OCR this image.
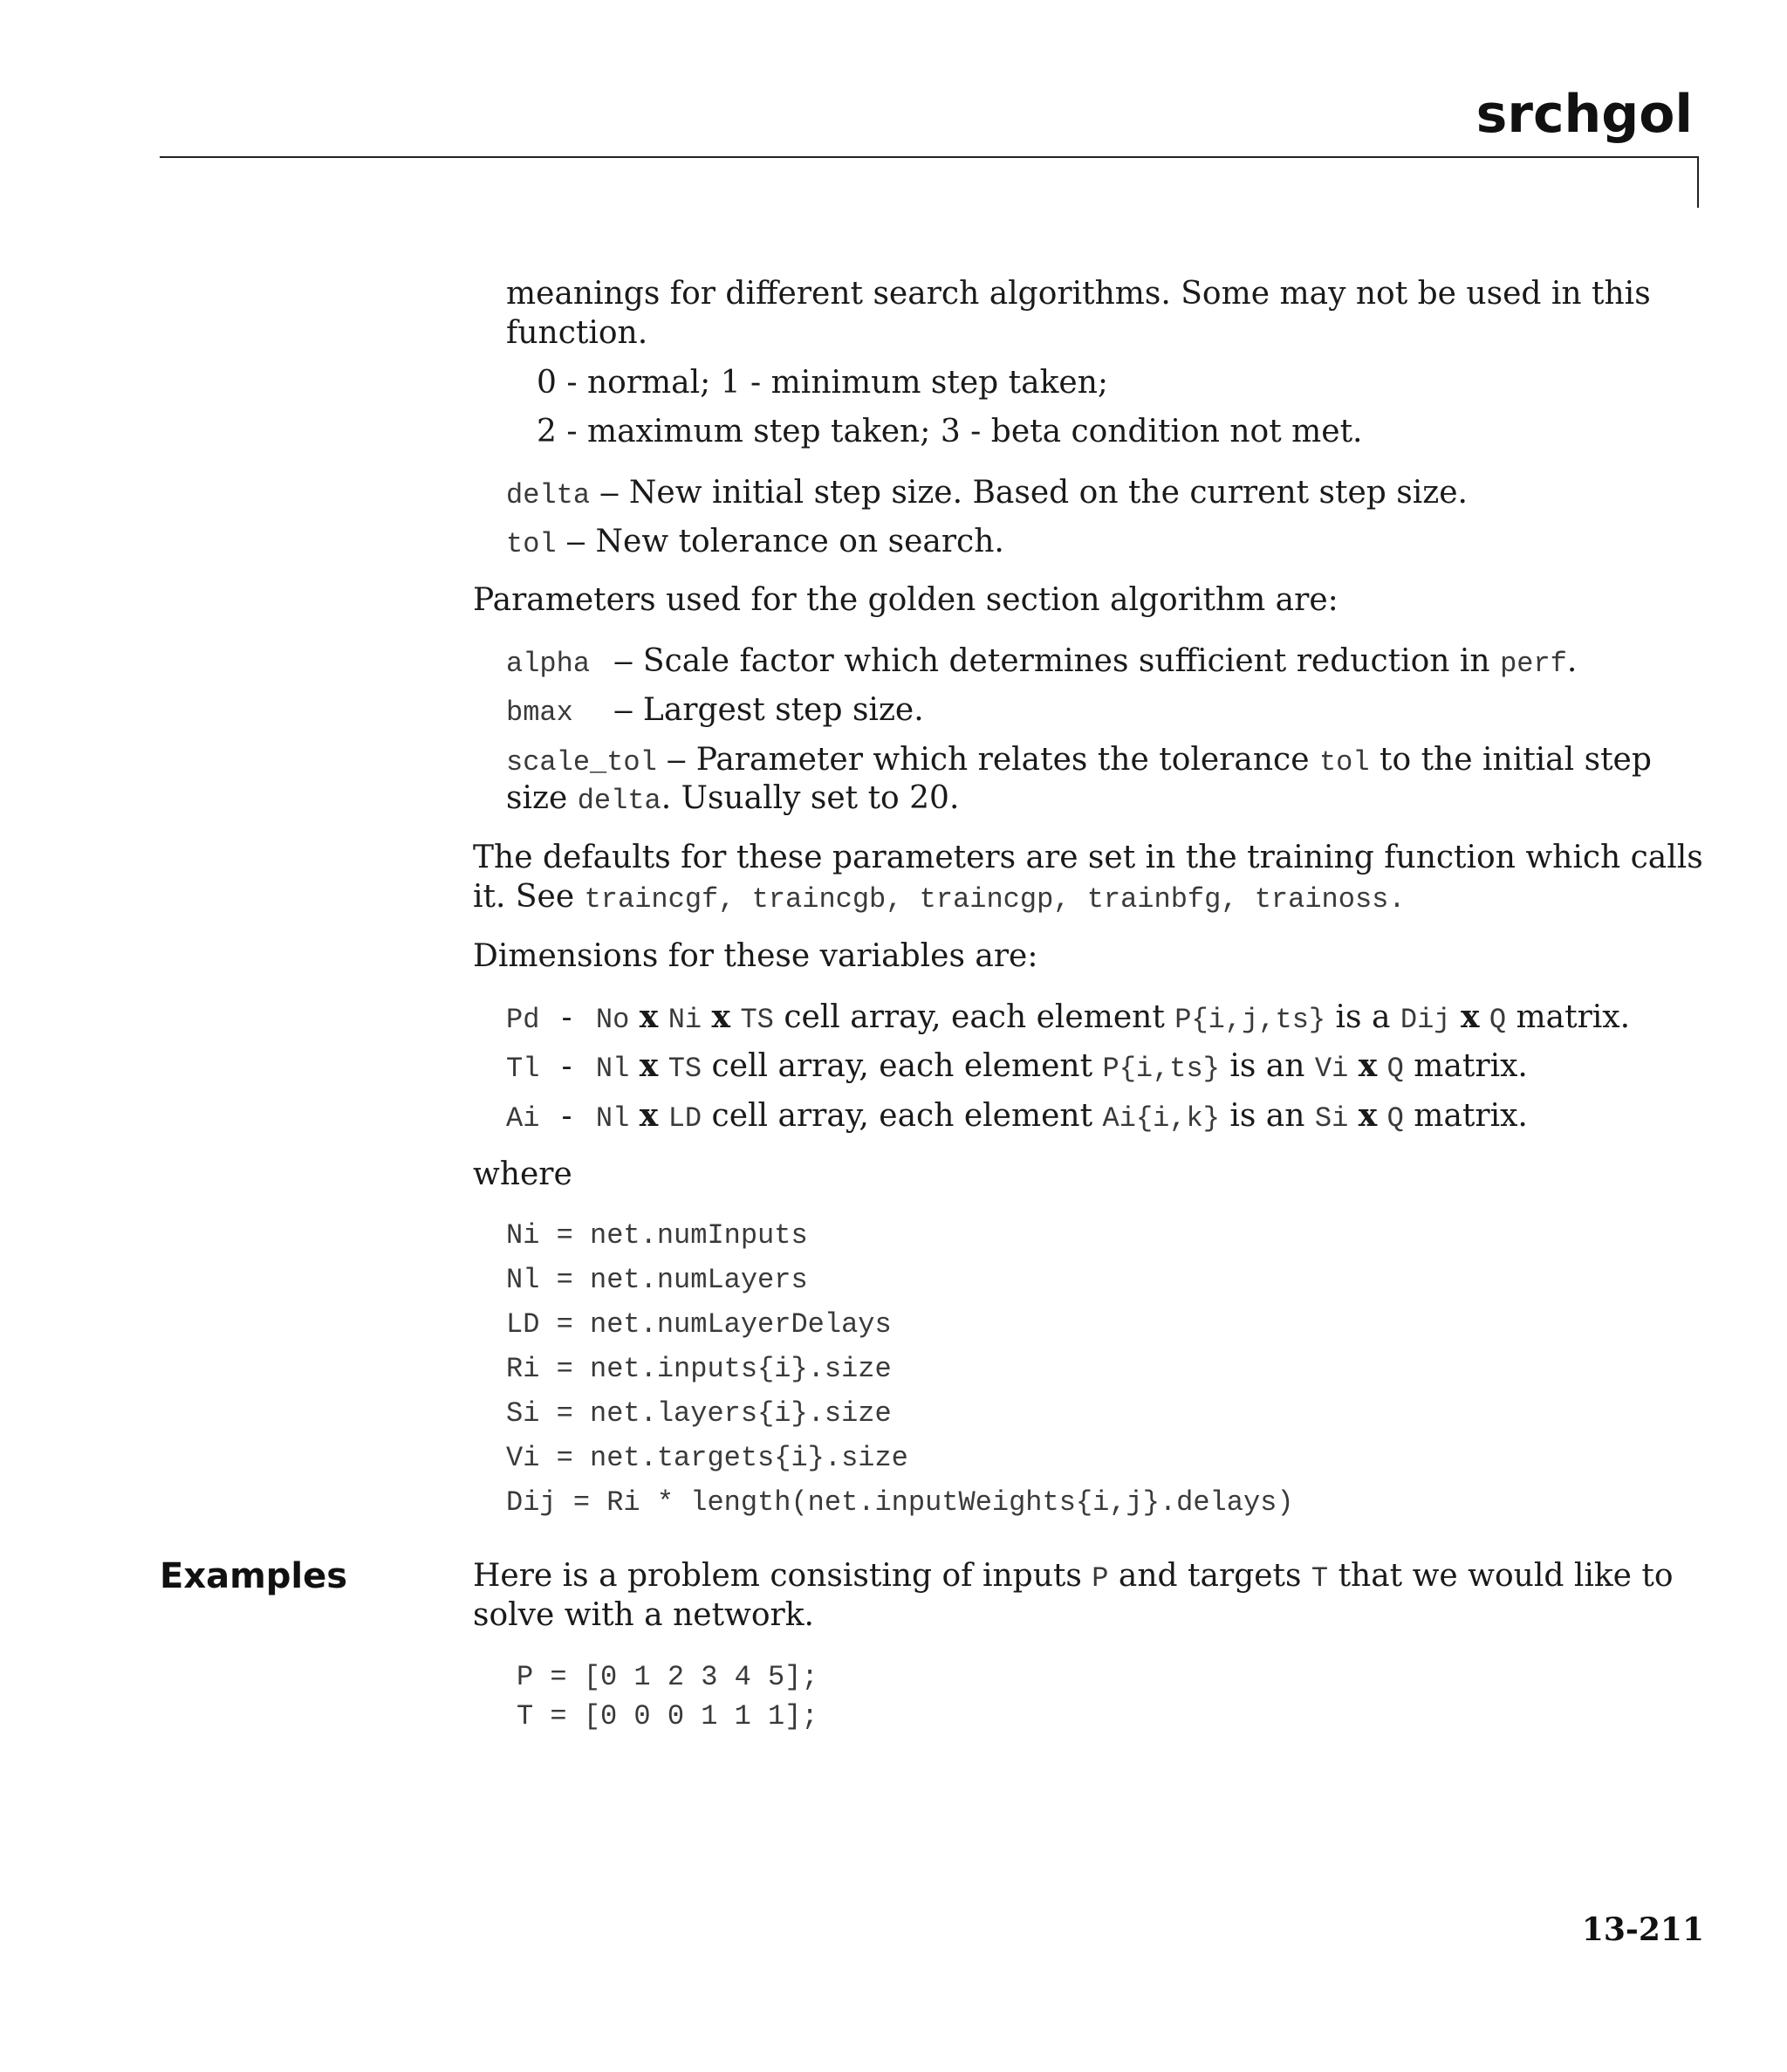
srchgol
meanings for different search algorithms. Some may not be used in this
function.
0 - normal; 1 - minimum step taken;
2 - maximum step taken; 3 - beta condition not met.
delta – New initial step size. Based on the current step size.
tol – New tolerance on search.
Parameters used for the golden section algorithm are:
alpha – Scale factor which determines sufficient reduction in perf.
bmax – Largest step size.
scale_tol – Parameter which relates the tolerance tol to the initial step
size delta. Usually set to 20.
The defaults for these parameters are set in the training function which calls
it. See traincgf, traincgb, traincgp, trainbfg, trainoss.
Dimensions for these variables are:
Pd - No x Ni x TS cell array, each element P{i,j,ts} is a Dij x Q matrix.
Tl - Nl x TS cell array, each element P{i,ts} is an Vi x Q matrix.
Ai - Nl x LD cell array, each element Ai{i,k} is an Si x Q matrix.
where
Ni = net.numInputs
Nl = net.numLayers
LD = net.numLayerDelays
Ri = net.inputs{i}.size
Si = net.layers{i}.size
Vi = net.targets{i}.size
Dij = Ri * length(net.inputWeights{i,j}.delays)
Examples	Here is a problem consisting of inputs P and targets T that we would like to
solve with a network.
P = [0 1 2 3 4 5];
T = [0 0 0 1 1 1];
13-211
